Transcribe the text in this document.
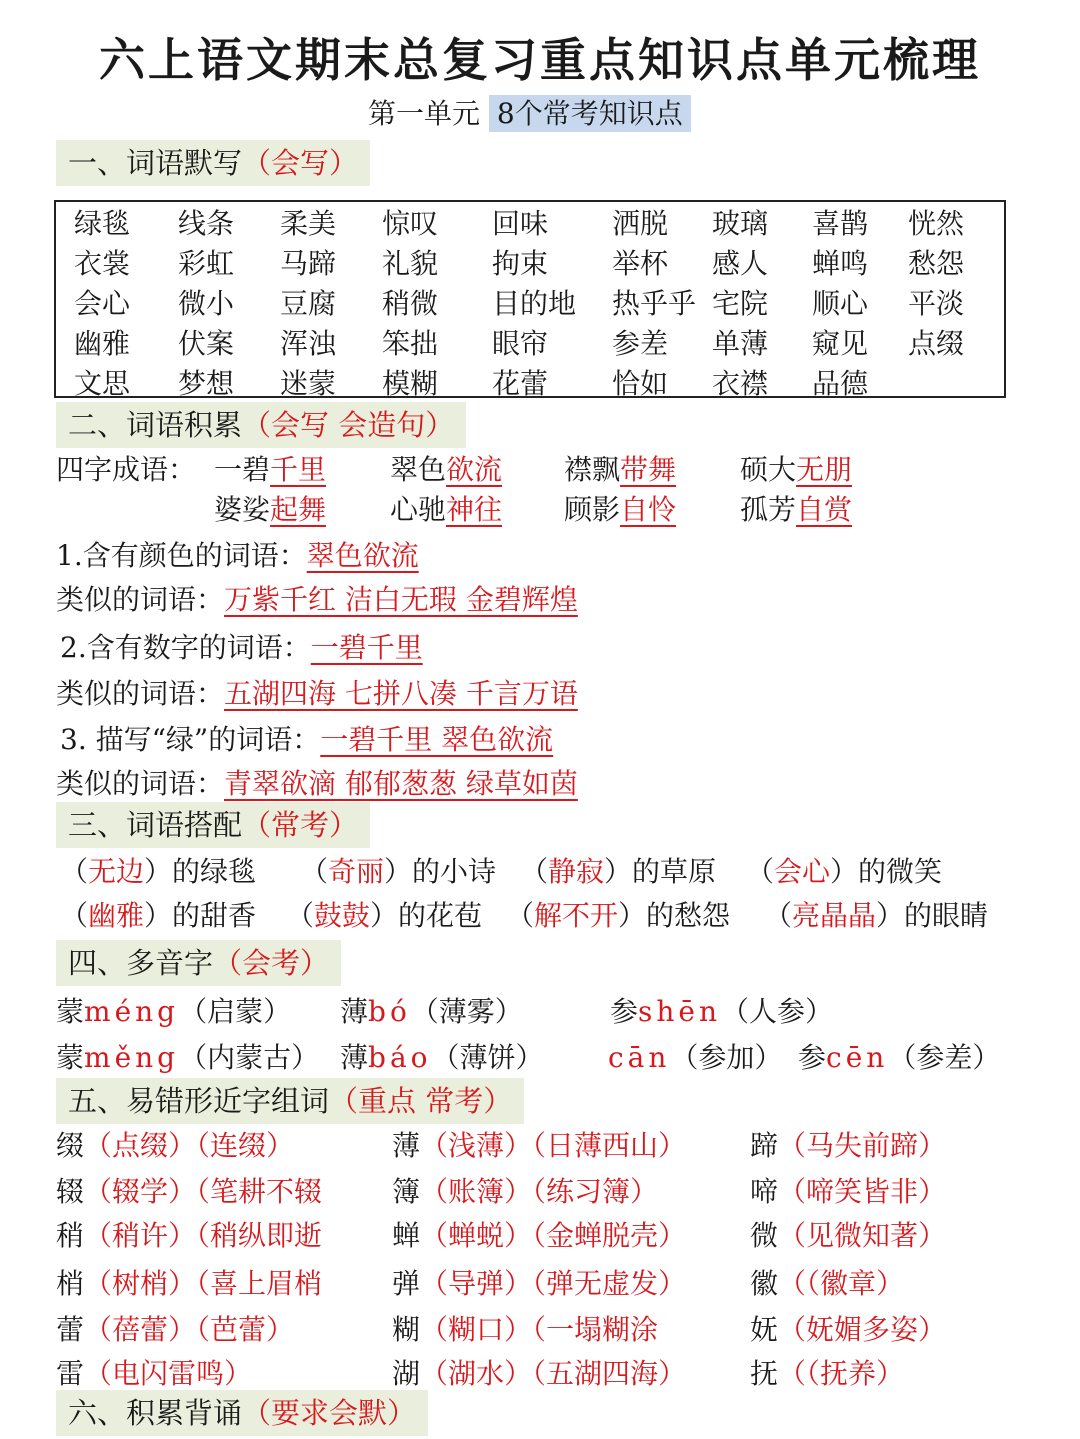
六上语文期末总复习重点知识点单元梳理
第一单元 8个常考知识点
一、词语默写（会写）
绿毯 线条 柔美 惊叹 回味 洒脱 玻璃 喜鹊 恍然
衣裳 彩虹 马蹄 礼貌 拘束 举杯 感人 蝉鸣 愁怨
会心 微小 豆腐 稍微 目的地 热乎乎 宅院 顺心 平淡
幽雅 伏案 浑浊 笨拙 眼帘 参差 单薄 窥见 点缀
文思 梦想 迷蒙 模糊 花蕾 恰如 衣襟 品德
二、词语积累（会写 会造句）
四字成语： 一碧千里 翠色欲流 襟飘带舞 硕大无朋
婆娑起舞 心驰神往 顾影自怜 孤芳自赏
1.含有颜色的词语：翠色欲流
类似的词语：万紫千红 洁白无瑕 金碧辉煌
2.含有数字的词语：一碧千里
类似的词语：五湖四海 七拼八凑 千言万语
3. 描写“绿”的词语：一碧千里 翠色欲流
类似的词语：青翠欲滴 郁郁葱葱 绿草如茵
三、词语搭配（常考）
（无边）的绿毯 （奇丽）的小诗 （静寂）的草原 （会心）的微笑
（幽雅）的甜香 （鼓鼓）的花苞 （解不开）的愁怨 （亮晶晶）的眼睛
四、多音字（会考）
蒙méng（启蒙） 薄bó（薄雾）	参shēn（人参）
蒙měng（内蒙古） 薄báo（薄饼） cān（参加） 参cēn（参差）
五、易错形近字组词（重点 常考）
缀（点缀）（连缀）	薄（浅薄）（日薄西山） 蹄（马失前蹄）
辍（辍学）（笔耕不辍 簿（账簿）（练习簿）	啼（啼笑皆非）
稍（稍许）（稍纵即逝 蝉（蝉蜕）（金蝉脱壳） 微（见微知著）
梢（树梢）（喜上眉梢 弹（导弹）（弹无虚发） 徽（（徽章）
蕾（蓓蕾）（芭蕾）	糊（糊口）（一塌糊涂	妩（妩媚多姿）
雷（电闪雷鸣）	湖（湖水）（五湖四海） 抚（（抚养）
六、积累背诵（要求会默）
